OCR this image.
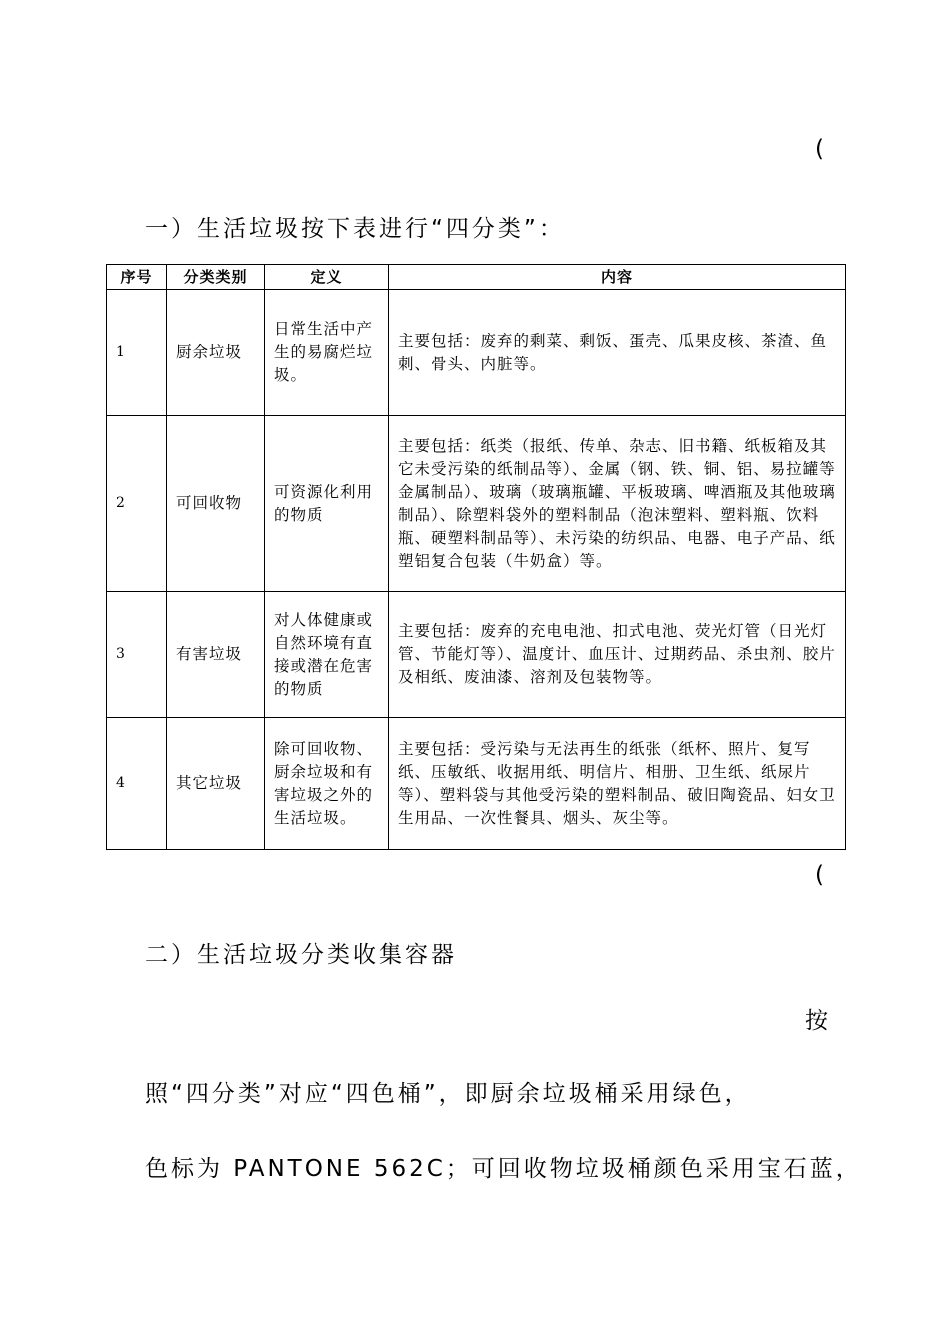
(
一）生活垃圾按下表进行“四分类”：
序号	分类类别	定义	内容
1	厨余垃圾	日常生活中产生的易腐烂垃圾。	主要包括：废弃的剩菜、剩饭、蛋壳、瓜果皮核、茶渣、鱼刺、骨头、内脏等。
2	可回收物	可资源化利用的物质	主要包括：纸类（报纸、传单、杂志、旧书籍、纸板箱及其它未受污染的纸制品等）、金属（钢、铁、铜、铝、易拉罐等金属制品）、玻璃（玻璃瓶罐、平板玻璃、啤酒瓶及其他玻璃制品）、除塑料袋外的塑料制品（泡沫塑料、塑料瓶、饮料瓶、硬塑料制品等）、未污染的纺织品、电器、电子产品、纸塑铝复合包装（牛奶盒）等。
3	有害垃圾	对人体健康或自然环境有直接或潜在危害的物质	主要包括：废弃的充电电池、扣式电池、荧光灯管（日光灯管、节能灯等）、温度计、血压计、过期药品、杀虫剂、胶片及相纸、废油漆、溶剂及包装物等。
4	其它垃圾	除可回收物、厨余垃圾和有害垃圾之外的生活垃圾。	主要包括：受污染与无法再生的纸张（纸杯、照片、复写纸、压敏纸、收据用纸、明信片、相册、卫生纸、纸尿片等）、塑料袋与其他受污染的塑料制品、破旧陶瓷品、妇女卫生用品、一次性餐具、烟头、灰尘等。
(
二）生活垃圾分类收集容器
按
照“四分类”对应“四色桶”，即厨余垃圾桶采用绿色，
色标为 PANTONE 562C；可回收物垃圾桶颜色采用宝石蓝，
